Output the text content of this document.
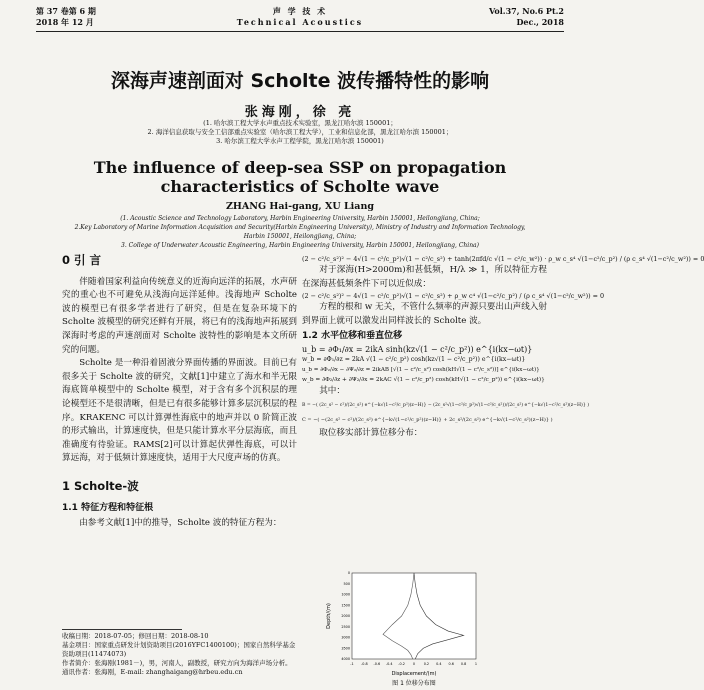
第 37 卷第 6 期
2018 年 12 月
声 学 技 术
Technical Acoustics
Vol.37, No.6 Pt.2
Dec., 2018
深海声速剖面对 Scholte 波传播特性的影响
张海刚，徐 亮
(1. 哈尔滨工程大学水声重点技术实验室，黑龙江哈尔滨 150001；
2. 海洋信息获取与安全工信部重点实验室（哈尔滨工程大学），工业和信息化部，黑龙江哈尔滨 150001；
3. 哈尔滨工程大学水声工程学院，黑龙江哈尔滨 150001)
The influence of deep-sea SSP on propagation characteristics of Scholte wave
ZHANG Hai-gang, XU Liang
(1. Acoustic Science and Technology Laboratory, Harbin Engineering University, Harbin 150001, Heilongjiang, China;
2.Key Laboratory of Marine Information Acquisition and Security(Harbin Engineering University), Ministry of Industry and Information Technology,
Harbin 150001, Heilongjiang, China;
3. College of Underwater Acoustic Engineering, Harbin Engineering University, Harbin 150001, Heilongjiang, China)
0 引 言
伴随着国家利益向传统意义的近海向远洋的拓展，水声研究的重心也不可避免从浅海向远洋延伸。浅海地声 Scholte 波的模型已有很多学者进行了研究，但是在复杂环境下的 Scholte 波模型的研究还鲜有开展，将已有的浅海地声拓展到深海时考虑的声速剖面对 Scholte 波特性的影响是本文所研究的问题。
Scholte 是一种沿着固液分界面传播的界面波。目前已有很多关于 Scholte 波的研究，文献[1]中建立了海水和半无限海底简单模型中的 Scholte 模型，对于含有多个沉积层的理论模型还不是很清晰，但是已有很多能够计算多层沉积层的程序。KRAKENC 可以计算弹性海底中的地声并以 0 阶简正波的形式输出，计算速度快，但是只能计算水平分层海底，而且准确度有待验证。RAMS[2]可以计算起伏弹性海底，可以计算远海，对于低频计算速度快，适用于大尺度声场的仿真。
1 Scholte-波
1.1 特征方程和特征根
由参考文献[1]中的推导，Scholte 波的特征方程为：
收稿日期：2018-07-05；修回日期：2018-08-10
基金项目：国家重点研发计划资助项目(2016YFC1400100)；国家自然科学基金资助项目(11474073)
作者简介：张海刚(1981－)，男，河南人，副教授，研究方向为海洋声场分析。
通讯作者：张海刚，E-mail: zhanghaigang@hrbeu.edu.cn
(2 − c²/c_s²)² − 4√(1 − c²/c_p²)√(1 − c²/c_s²) + tanh(2πfd/c √(1 − c²/c_w²)) · ρ_w c_s⁴ √(1−c²/c_p²) / (ρ c_s⁴ √(1−c²/c_w²)) = 0
对于深海(H>2000m)和甚低频，H/λ ≫ 1，所以特征方程在深海甚低频条件下可以近似成：
(2 − c²/c_s²)² − 4√(1 − c²/c_p²)√(1 − c²/c_s²) + ρ_w c⁴ √(1−c²/c_p²) / (ρ c_s⁴ √(1−c²/c_w²)) = 0
方程的根和 w 无关，不管什么频率的声源只要出山声线入射到界面上就可以激发出同样波长的 Scholte 波。
1.2 水平位移和垂直位移
u_b = ∂Φ₁/∂x = 2ikA sinh(kz√(1 − c²/c_p²)) e^{i(kx−ωt)}
w_b = ∂Φ₁/∂z = 2kA √(1 − c²/c_p²) cosh(kz√(1 − c²/c_p²)) e^{i(kx−ωt)}
u_b = ∂Φ₂/∂x − ∂Ψ₂/∂z = 2ikAB [√(1 − c²/c_s²) cosh(kH√(1 − c²/c_s²))] e^{i(kx−ωt)}
w_b = ∂Φ₂/∂z + ∂Ψ₂/∂x = 2kAC √(1 − c²/c_p²) cosh(kH√(1 − c²/c_p²)) e^{i(kx−ωt)}
其中：
B = −( (2c_s² − c²)/(2c_s²) e^{−k√(1−c²/c_p²)(z−H)} − (2c_s²√(1−c²/c_p²)√(1−c²/c_s²))/(2c_s²) e^{−k√(1−c²/c_s²)(z−H)} )
C = −( −(2c_s² − c²)/(2c_s²) e^{−k√(1−c²/c_p²)(z−H)} + 2c_s²/(2c_s²) e^{−k√(1−c²/c_s²)(z−H)} )
取位移实部计算位移分布：
-1 -0.8 -0.6 -0.4 -0.2 0	0.2 0.4 0.6 0.8	1
0
500
1000
1500
2000
2500
3000
3500
4000
Displacement/(m)
Depth/(m)
图 1 位移分布图
